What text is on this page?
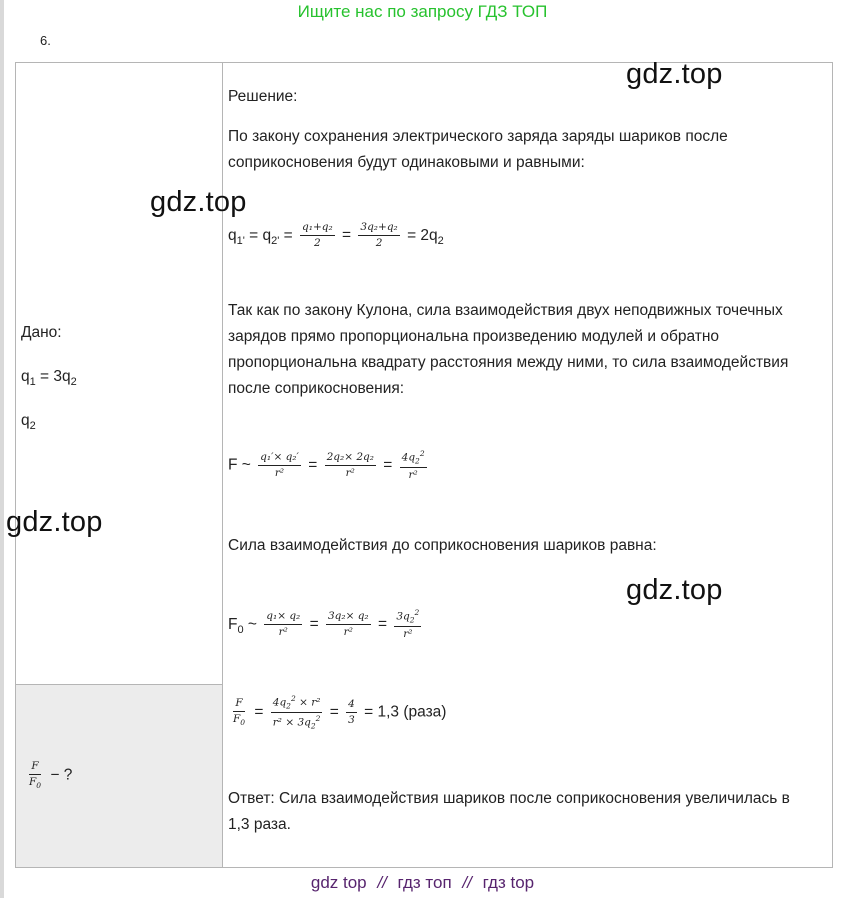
Ищите нас по запросу ГДЗ ТОП
6.
Дано:
$q_1 = 3q_2$
$q_2$
$\frac{F}{F_0}$ − ?
Решение:
По закону сохранения электрического заряда заряды шариков после
соприкосновения будут одинаковыми и равными:
$q_{1'} = q_{2'} = \frac{\text{q₁+q₂}}{2} = \frac{\text{3q₂+q₂}}{2} = 2q_2$
Так как по закону Кулона, сила взаимодействия двух неподвижных точечных
зарядов прямо пропорциональна произведению модулей и обратно
пропорциональна квадрату расстояния между ними, то сила взаимодействия
после соприкосновения:
F ~ $\frac{\text{q₁′× q₂′}}{\text{r²}} = \frac{\text{2q₂× 2q₂}}{\text{r²}} = \frac{4q_2^2}{\text{r²}}$
Сила взаимодействия до соприкосновения шариков равна:
$F_0$ ~ $\frac{\text{q₁× q₂}}{\text{r²}} = \frac{\text{3q₂× q₂}}{\text{r²}} = \frac{3q_2^2}{\text{r²}}$
$\frac{F}{F_0} = \frac{4q_2^2 \times r^2}{r^2 \times 3q_2^2} = \frac{4}{3} = 1,3$ (раза)
Ответ: Сила взаимодействия шариков после соприкосновения увеличилась в
1,3 раза.
gdz.top
gdz.top
gdz.top
gdz.top
gdz top // гдз топ // гдз top
